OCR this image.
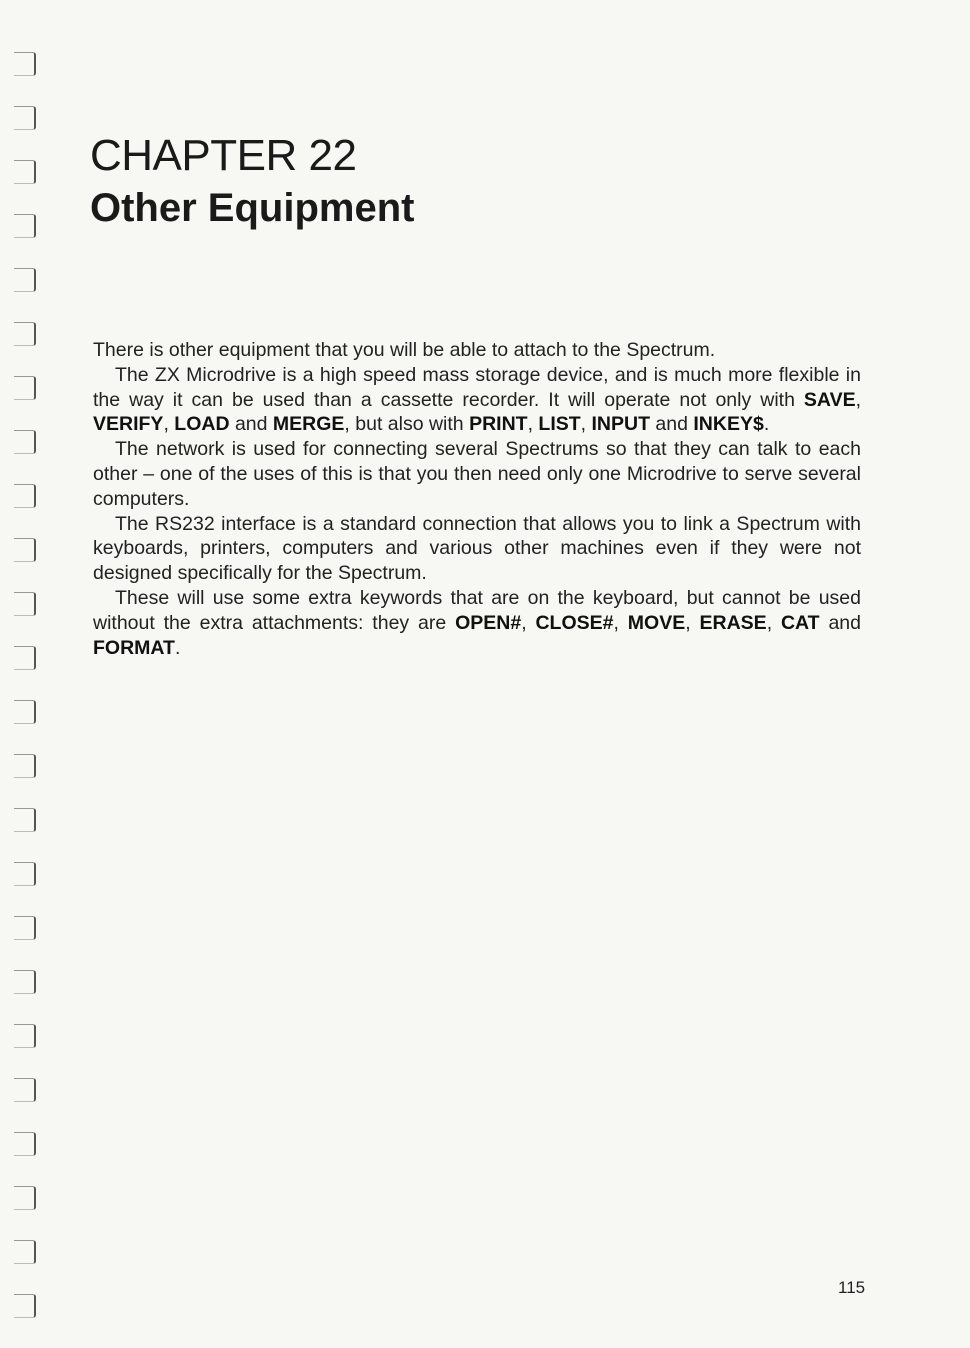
CHAPTER 22
Other Equipment

There is other equipment that you will be able to attach to the Spectrum.

The ZX Microdrive is a high speed mass storage device, and is much more flexible in the way it can be used than a cassette recorder. It will operate not only with SAVE, VERIFY, LOAD and MERGE, but also with PRINT, LIST, INPUT and INKEY$.

The network is used for connecting several Spectrums so that they can talk to each other – one of the uses of this is that you then need only one Microdrive to serve several computers.

The RS232 interface is a standard connection that allows you to link a Spectrum with keyboards, printers, computers and various other machines even if they were not designed specifically for the Spectrum.

These will use some extra keywords that are on the keyboard, but cannot be used without the extra attachments: they are OPEN#, CLOSE#, MOVE, ERASE, CAT and FORMAT.

115
